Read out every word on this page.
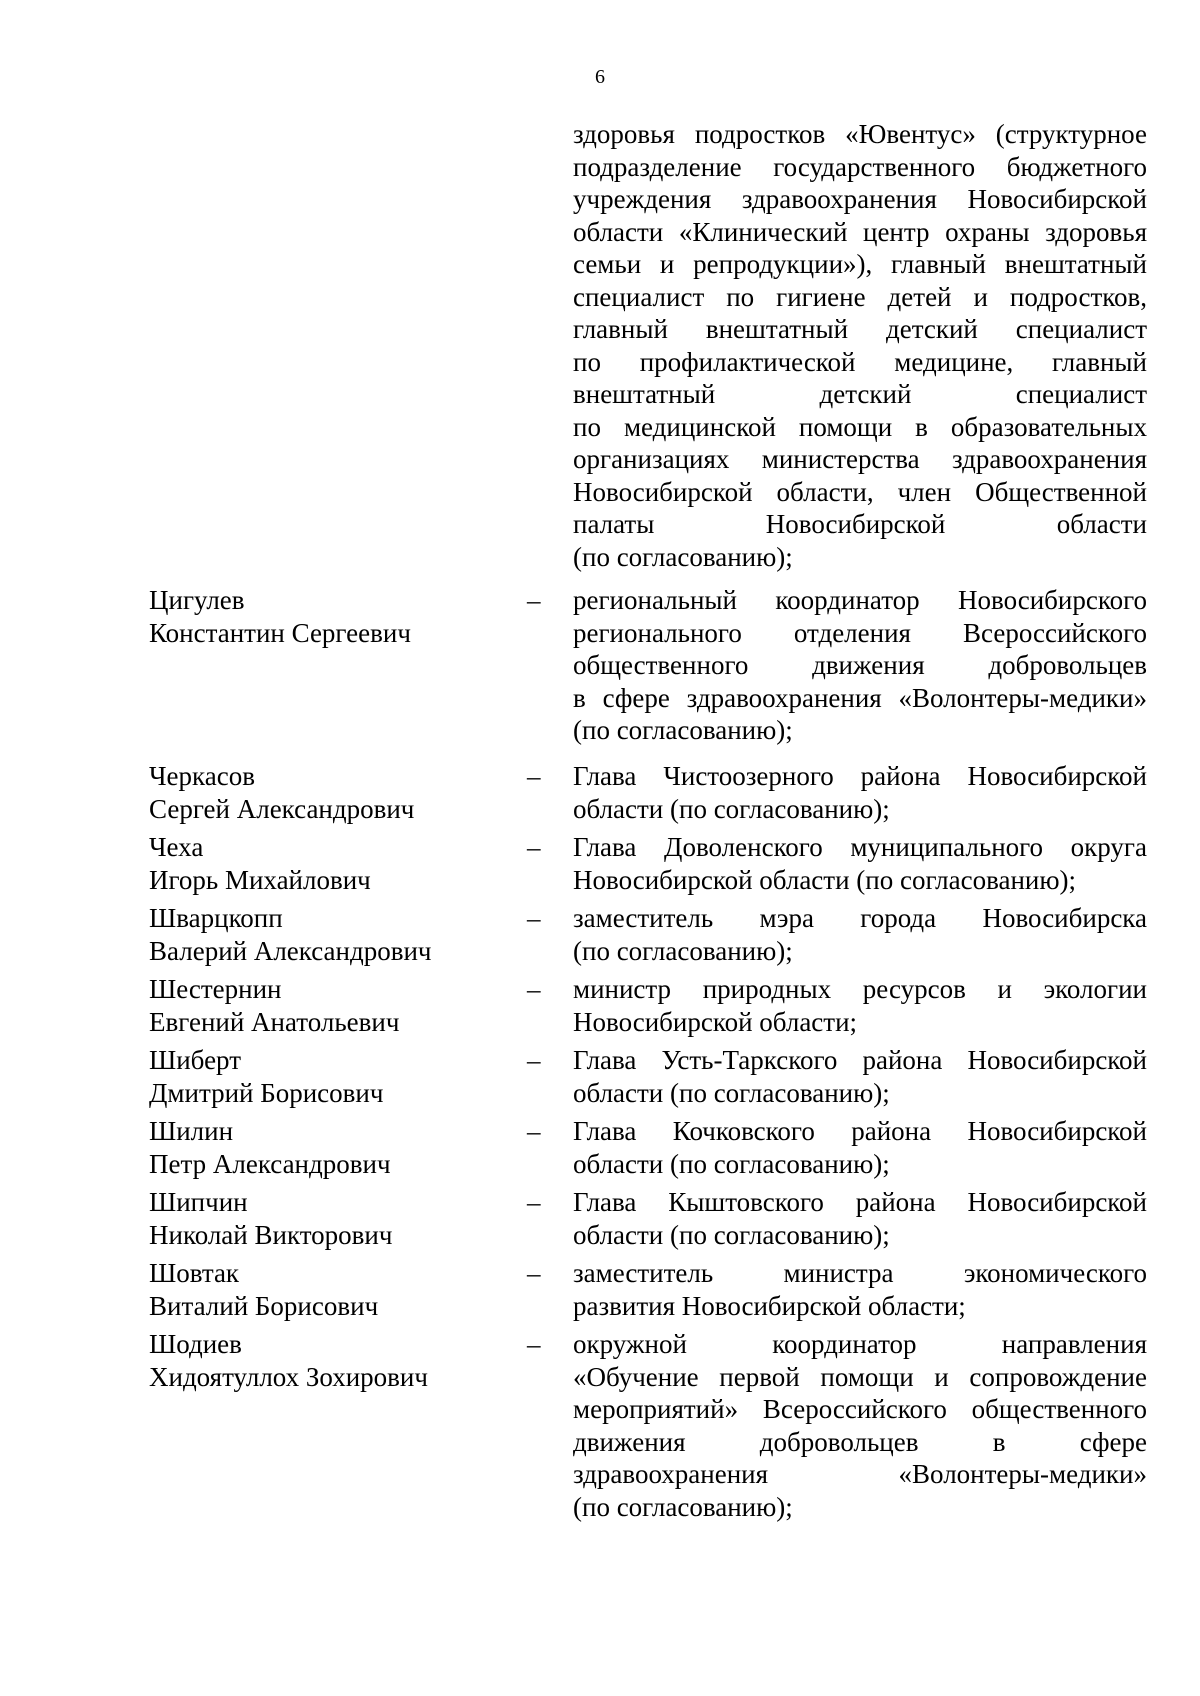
6
здоровья подростков «Ювентус» (структурное
подразделение государственного бюджетного
учреждения здравоохранения Новосибирской
области «Клинический центр охраны здоровья
семьи и репродукции»), главный внештатный
специалист по гигиене детей и подростков,
главный внештатный детский специалист
по профилактической медицине, главный
внештатный детский специалист
по медицинской помощи в образовательных
организациях министерства здравоохранения
Новосибирской области, член Общественной
палаты Новосибирской области
(по согласованию);
Цигулев
Константин Сергеевич
– региональный координатор Новосибирского
регионального отделения Всероссийского
общественного движения добровольцев
в сфере здравоохранения «Волонтеры-медики»
(по согласованию);
Черкасов
Сергей Александрович
– Глава Чистоозерного района Новосибирской
области (по согласованию);
Чеха
Игорь Михайлович
– Глава Доволенского муниципального округа
Новосибирской области (по согласованию);
Шварцкопп
Валерий Александрович
– заместитель мэра города Новосибирска
(по согласованию);
Шестернин
Евгений Анатольевич
– министр природных ресурсов и экологии
Новосибирской области;
Шиберт
Дмитрий Борисович
– Глава Усть-Таркского района Новосибирской
области (по согласованию);
Шилин
Петр Александрович
– Глава Кочковского района Новосибирской
области (по согласованию);
Шипчин
Николай Викторович
– Глава Кыштовского района Новосибирской
области (по согласованию);
Шовтак
Виталий Борисович
– заместитель министра экономического
развития Новосибирской области;
Шодиев
Хидоятуллох Зохирович
– окружной координатор направления
«Обучение первой помощи и сопровождение
мероприятий» Всероссийского общественного
движения добровольцев в сфере
здравоохранения «Волонтеры-медики»
(по согласованию);
